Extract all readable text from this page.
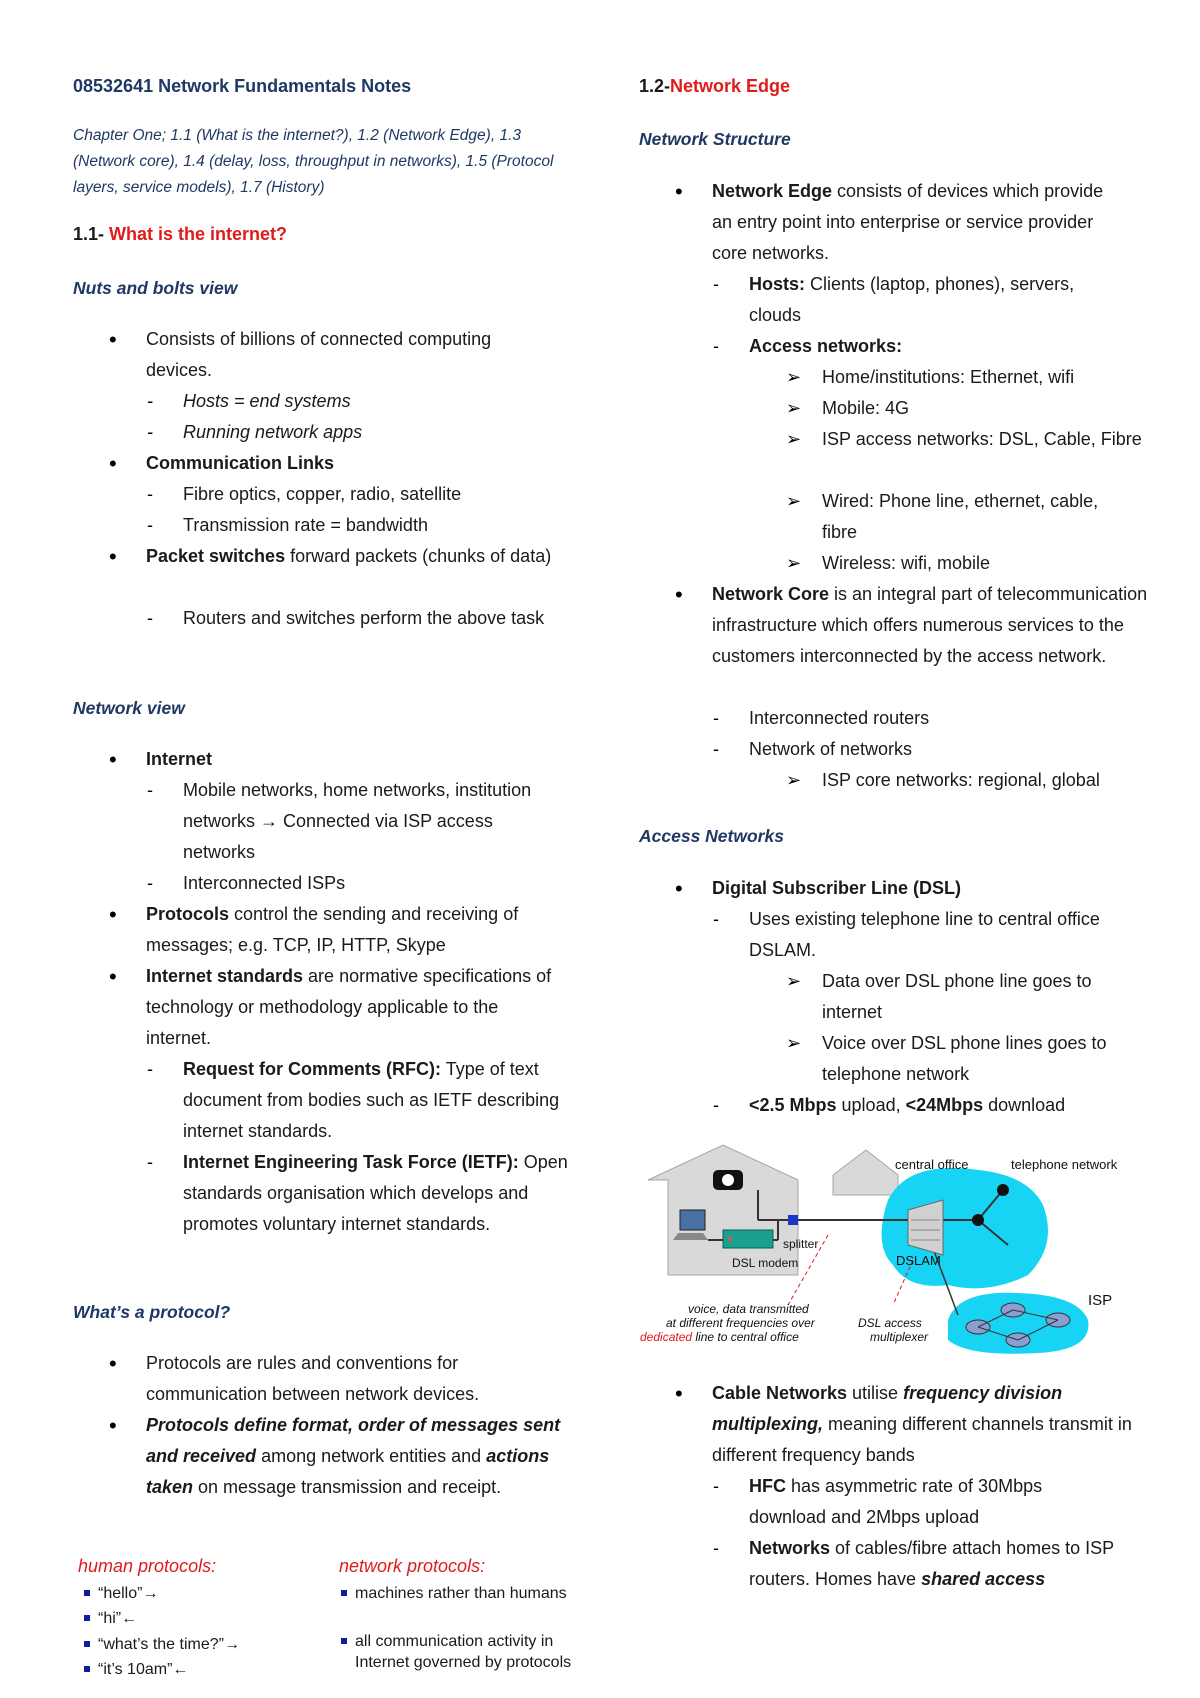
08532641 Network Fundamentals Notes
Chapter One; 1.1 (What is the internet?), 1.2 (Network Edge), 1.3 (Network core), 1.4 (delay, loss, throughput in networks), 1.5 (Protocol layers, service models), 1.7 (History)
1.1- What is the internet?
Nuts and bolts view
• Consists of billions of connected computing devices.
- Hosts = end systems
- Running network apps
• Communication Links
- Fibre optics, copper, radio, satellite
- Transmission rate = bandwidth
• Packet switches forward packets (chunks of data)
- Routers and switches perform the above task
Network view
• Internet
- Mobile networks, home networks, institution networks → Connected via ISP access networks
- Interconnected ISPs
• Protocols control the sending and receiving of messages; e.g. TCP, IP, HTTP, Skype
• Internet standards are normative specifications of technology or methodology applicable to the internet.
- Request for Comments (RFC): Type of text document from bodies such as IETF describing internet standards.
- Internet Engineering Task Force (IETF): Open standards organisation which develops and promotes voluntary internet standards.
What’s a protocol?
• Protocols are rules and conventions for communication between network devices.
• Protocols define format, order of messages sent and received among network entities and actions taken on message transmission and receipt.
human protocols:
“hello”→
“hi”←
“what’s the time?”→
“it’s 10am”←
network protocols:
machines rather than humans
all communication activity in Internet governed by protocols
1.2-Network Edge
Network Structure
• Network Edge consists of devices which provide an entry point into enterprise or service provider core networks.
- Hosts: Clients (laptop, phones), servers, clouds
- Access networks:
➢ Home/institutions: Ethernet, wifi
➢ Mobile: 4G
➢ ISP access networks: DSL, Cable, Fibre
➢ Wired: Phone line, ethernet, cable, fibre
➢ Wireless: wifi, mobile
• Network Core is an integral part of telecommunication infrastructure which offers numerous services to the customers interconnected by the access network.
- Interconnected routers
- Network of networks
➢ ISP core networks: regional, global
Access Networks
• Digital Subscriber Line (DSL)
- Uses existing telephone line to central office DSLAM.
➢ Data over DSL phone line goes to internet
➢ Voice over DSL phone lines goes to telephone network
- <2.5 Mbps upload, <24Mbps download
central office	telephone network
DSL modem
splitter
DSLAM
ISP
voice, data transmitted
at different frequencies over
dedicated line to central office
DSL access
multiplexer
• Cable Networks utilise frequency division multiplexing, meaning different channels transmit in different frequency bands
- HFC has asymmetric rate of 30Mbps download and 2Mbps upload
- Networks of cables/fibre attach homes to ISP routers. Homes have shared access
